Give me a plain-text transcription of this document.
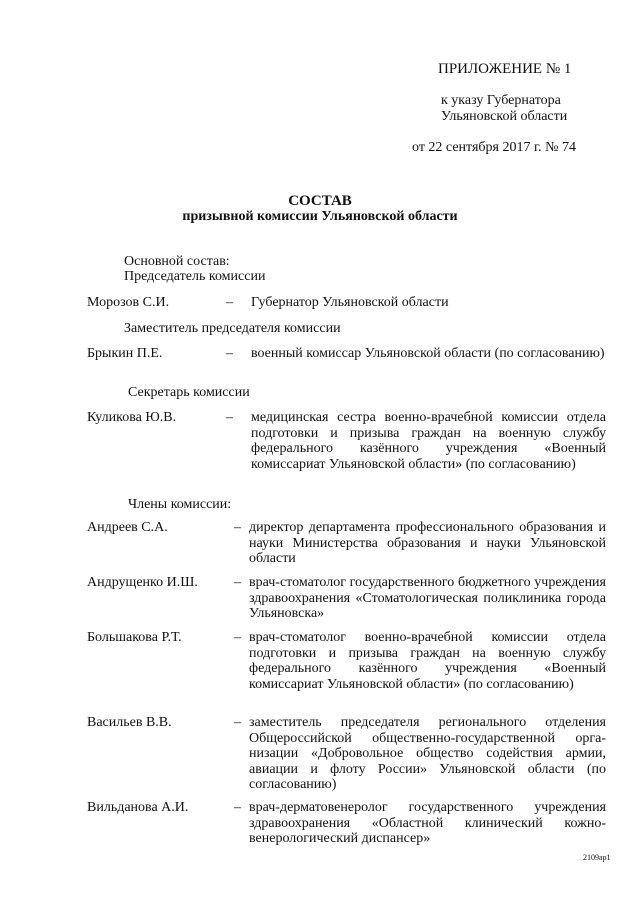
ПРИЛОЖЕНИЕ № 1
к указу Губернатора
Ульяновской области
от 22 сентября 2017 г. № 74
СОСТАВ
призывной комиссии Ульяновской области
Основной состав:
Председатель комиссии
Морозов С.И.	– Губернатор Ульяновской области
Заместитель председателя комиссии
Брыкин П.Е.	– военный комиссар Ульяновской области (по согласованию)
Секретарь комиссии
Куликова Ю.В.	– медицинская сестра военно-врачебной комиссии отдела подготовки и призыва граждан на военную службу федерального казённого учреждения «Военный комиссариат Ульяновской области» (по согласованию)
Члены комиссии:
Андреев С.А.	– директор департамента профессионального образования и науки Министерства образования и науки Ульяновской области
Андрущенко И.Ш.	– врач-стоматолог государственного бюджетного учреждения здравоохранения «Стоматологическая поликлиника города Ульяновска»
Большакова Р.Т.	– врач-стоматолог военно-врачебной комиссии отдела подготовки и призыва граждан на военную службу федерального казённого учреждения «Военный комиссариат Ульяновской области» (по согласованию)
Васильев В.В.	– заместитель председателя регионального отделения Общероссийской общественно-государственной организации «Добровольное общество содействия армии, авиации и флоту России» Ульяновской области (по согласованию)
Вильданова А.И.	– врач-дерматовенеролог государственного учреждения здравоохранения «Областной клинический кожно-венерологический диспансер»
2109ар1
